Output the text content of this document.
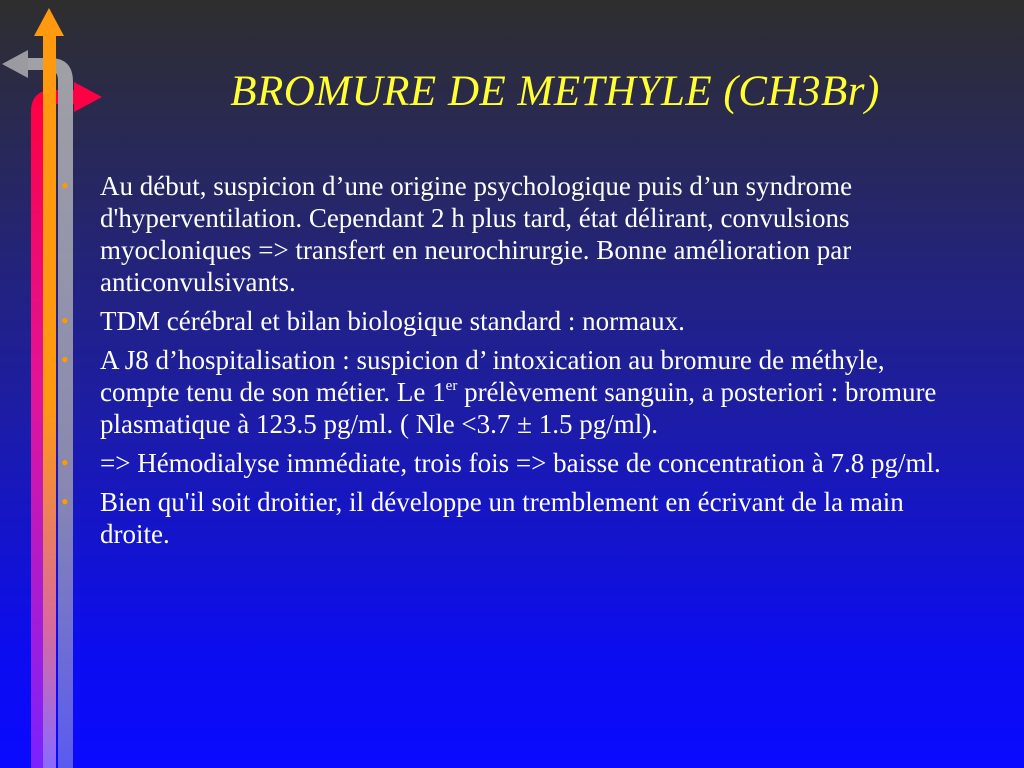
BROMURE DE METHYLE (CH3Br)
• Au début, suspicion d’une origine psychologique puis d’un syndrome d'hyperventilation. Cependant 2 h plus tard, état délirant, convulsions myocloniques => transfert en neurochirurgie. Bonne amélioration par anticonvulsivants.
• TDM cérébral et bilan biologique standard : normaux.
• A J8 d’hospitalisation : suspicion d’ intoxication au bromure de méthyle, compte tenu de son métier. Le 1er prélèvement sanguin, a posteriori : bromure plasmatique à 123.5 pg/ml. ( Nle <3.7 ± 1.5 pg/ml).
• => Hémodialyse immédiate, trois fois => baisse de concentration à 7.8 pg/ml.
• Bien qu'il soit droitier, il développe un tremblement en écrivant de la main droite.
